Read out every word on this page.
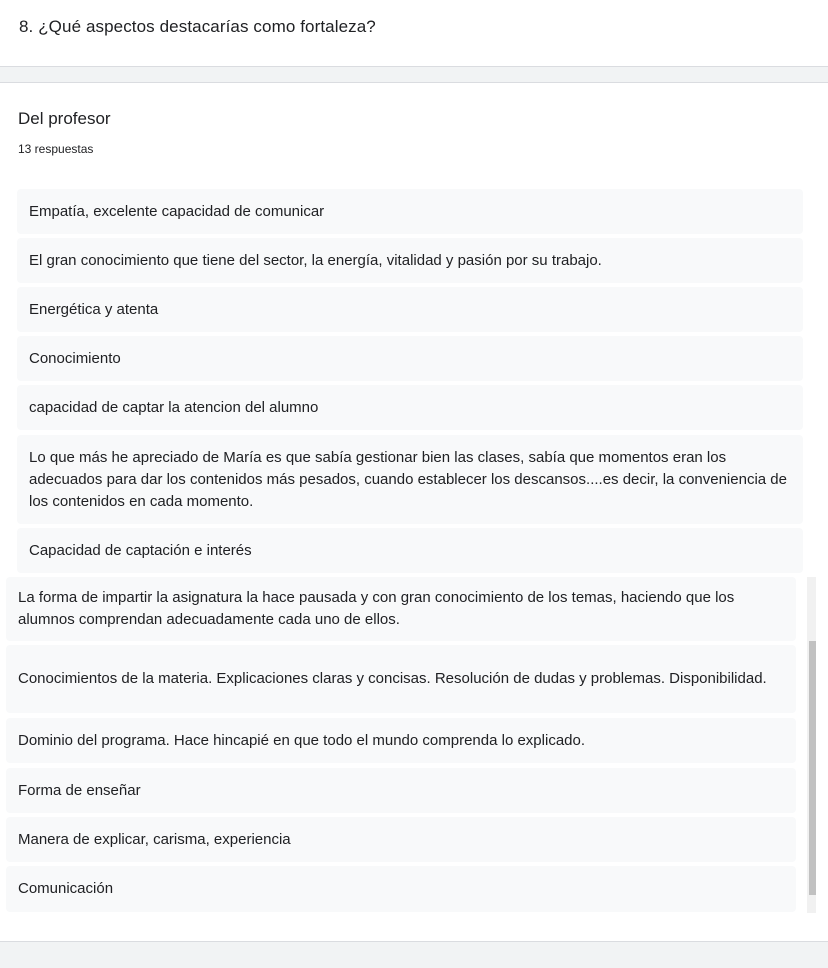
8. ¿Qué aspectos destacarías como fortaleza?
Del profesor
13 respuestas
Empatía, excelente capacidad de comunicar
El gran conocimiento que tiene del sector, la energía, vitalidad y pasión por su trabajo.
Energética y atenta
Conocimiento
capacidad de captar la atencion del alumno
Lo que más he apreciado de María es que sabía gestionar bien las clases, sabía que momentos eran los adecuados para dar los contenidos más pesados, cuando establecer los descansos....es decir, la conveniencia de los contenidos en cada momento.
Capacidad de captación e interés
La forma de impartir la asignatura la hace pausada y con gran conocimiento de los temas, haciendo que los alumnos comprendan adecuadamente cada uno de ellos.
Conocimientos de la materia. Explicaciones claras y concisas. Resolución de dudas y problemas. Disponibilidad.
Dominio del programa. Hace hincapié en que todo el mundo comprenda lo explicado.
Forma de enseñar
Manera de explicar, carisma, experiencia
Comunicación
